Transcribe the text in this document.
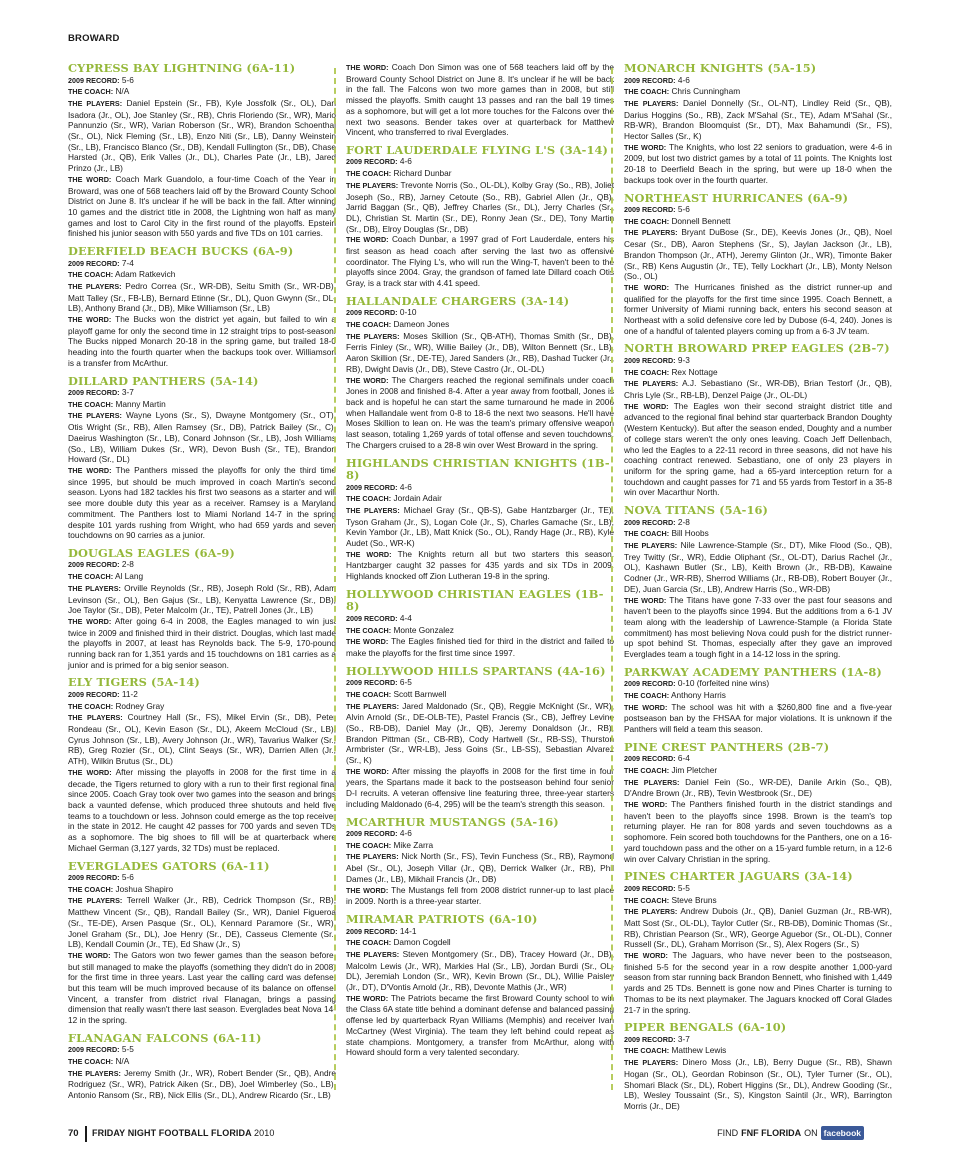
BROWARD
CYPRESS BAY LIGHTNING (6A-11)
2009 RECORD: 5-6
THE COACH: N/A
THE PLAYERS: Daniel Epstein (Sr., FB), Kyle Jossfolk (Sr., OL), Dan Isadora (Jr., OL), Joe Stanley (Sr., RB), Chris Floriendo (Sr., WR), Mario Pannunzio (Sr., WR), Varian Roberson (Sr., WR), Brandon Schoenthal (Sr., OL), Nick Fleming (Sr., LB), Enzo Niti (Sr., LB), Danny Weinstein (Sr., LB), Francisco Blanco (Sr., DB), Kendall Fullington (Sr., DB), Chase Harsted (Jr., QB), Erik Valles (Jr., DL), Charles Pate (Jr., LB), Jared Prinzo (Jr., LB)
THE WORD: Coach Mark Guandolo, a four-time Coach of the Year in Broward, was one of 568 teachers laid off by the Broward County School District on June 8. It's unclear if he will be back in the fall. After winning 10 games and the district title in 2008, the Lightning won half as many games and lost to Carol City in the first round of the playoffs. Epstein finished his junior season with 550 yards and five TDs on 101 carries.
DEERFIELD BEACH BUCKS (6A-9)
2009 RECORD: 7-4
THE COACH: Adam Ratkevich
THE PLAYERS: Pedro Correa (Sr., WR-DB), Seitu Smith (Sr., WR-DB), Matt Talley (Sr., FB-LB), Bernard Etinne (Sr., DL), Quon Gwynn (Sr., DL-LB), Anthony Brand (Jr., DB), Mike Williamson (Sr., LB)
THE WORD: The Bucks won the district yet again, but failed to win a playoff game for only the second time in 12 straight trips to post-season. The Bucks nipped Monarch 20-18 in the spring game, but trailed 18-0 heading into the fourth quarter when the backups took over. Williamson is a transfer from McArthur.
DILLARD PANTHERS (5A-14)
2009 RECORD: 3-7
THE COACH: Manny Martin
THE PLAYERS: Wayne Lyons (Sr., S), Dwayne Montgomery (Sr., OT), Otis Wright (Sr., RB), Allen Ramsey (Sr., DB), Patrick Bailey (Sr., C), Daeirus Washington (Sr., LB), Conard Johnson (Sr., LB), Josh Williams (So., LB), William Dukes (Sr., WR), Devon Bush (Sr., TE), Brandon Howard (Sr., DL)
THE WORD: The Panthers missed the playoffs for only the third time since 1995, but should be much improved in coach Martin's second season. Lyons had 182 tackles his first two seasons as a starter and will see more double duty this year as a receiver. Ramsey is a Maryland commitment. The Panthers lost to Miami Norland 14-7 in the spring despite 101 yards rushing from Wright, who had 659 yards and seven touchdowns on 90 carries as a junior.
DOUGLAS EAGLES (6A-9)
2009 RECORD: 2-8
THE COACH: Al Lang
THE PLAYERS: Orville Reynolds (Sr., RB), Joseph Rold (Sr., RB), Adam Levinson (Sr., OL), Ben Gajus (Sr., LB), Kenyatta Lawrence (Sr., DB), Joe Taylor (Sr., DB), Peter Malcolm (Jr., TE), Patrell Jones (Jr., LB)
THE WORD: After going 6-4 in 2008, the Eagles managed to win just twice in 2009 and finished third in their district. Douglas, which last made the playoffs in 2007, at least has Reynolds back. The 5-9, 170-pound running back ran for 1,351 yards and 15 touchdowns on 181 carries as a junior and is primed for a big senior season.
ELY TIGERS (5A-14)
2009 RECORD: 11-2
THE COACH: Rodney Gray
THE PLAYERS: Courtney Hall (Sr., FS), Mikel Ervin (Sr., DB), Peter Rondeau (Sr., OL), Kevin Eason (Sr., DL), Akeem McCloud (Sr., LB), Cyrus Johnson (Sr., LB), Avery Johnson (Jr., WR), Tavarius Walker (Sr., RB), Greg Rozier (Sr., OL), Clint Seays (Sr., WR), Darrien Allen (Jr., ATH), Wilkin Brutus (Sr., DL)
THE WORD: After missing the playoffs in 2008 for the first time in a decade, the Tigers returned to glory with a run to their first regional final since 2005. Coach Gray took over two games into the season and brings back a vaunted defense, which produced three shutouts and held five teams to a touchdown or less. Johnson could emerge as the top receiver in the state in 2012. He caught 42 passes for 700 yards and seven TDs as a sophomore. The big shoes to fill will be at quarterback where Michael German (3,127 yards, 32 TDs) must be replaced.
EVERGLADES GATORS (6A-11)
2009 RECORD: 5-6
THE COACH: Joshua Shapiro
THE PLAYERS: Terrell Walker (Jr., RB), Cedrick Thompson (Sr., RB), Matthew Vincent (Sr., QB), Randall Bailey (Sr., WR), Daniel Figueroa (Sr., TE-DE), Arsen Pasque (Sr., OL), Kennard Paramore (Sr., WR), Jonel Graham (Sr., DL), Joe Henry (Sr., DE), Casseus Clemente (Sr., LB), Kendall Coumin (Jr., TE), Ed Shaw (Jr., S)
THE WORD: The Gators won two fewer games than the season before, but still managed to make the playoffs (something they didn't do in 2008) for the first time in three years. Last year the calling card was defense, but this team will be much improved because of its balance on offense. Vincent, a transfer from district rival Flanagan, brings a passing dimension that really wasn't there last season. Everglades beat Nova 14-12 in the spring.
FLANAGAN FALCONS (6A-11)
2009 RECORD: 5-5
THE COACH: N/A
THE PLAYERS: Jeremy Smith (Jr., WR), Robert Bender (Sr., QB), Andre Rodriguez (Sr., WR), Patrick Aiken (Sr., DB), Joel Wimberley (So., LB), Antonio Ransom (Sr., RB), Nick Ellis (Sr., DL), Andrew Ricardo (Sr., LB)
THE WORD: Coach Don Simon was one of 568 teachers laid off by the Broward County School District on June 8. It's unclear if he will be back in the fall. The Falcons won two more games than in 2008, but still missed the playoffs. Smith caught 13 passes and ran the ball 19 times as a sophomore, but will get a lot more touches for the Falcons over the next two seasons. Bender takes over at quarterback for Matthew Vincent, who transferred to rival Everglades.
FORT LAUDERDALE FLYING L'S (3A-14)
2009 RECORD: 4-6
THE COACH: Richard Dunbar
THE PLAYERS: Trevonte Norris (So., OL-DL), Kolby Gray (So., RB), Joliet Joseph (So., RB), Jarney Cetoute (So., RB), Gabriel Allen (Jr., QB), Jarrid Baggan (Sr., QB), Jeffrey Charles (Sr., DL), Jerry Charles (Sr., DL), Christian St. Martin (Sr., DE), Ronny Jean (Sr., DE), Tony Martin (Sr., DB), Elroy Douglas (Sr., DB)
THE WORD: Coach Dunbar, a 1997 grad of Fort Lauderdale, enters his first season as head coach after serving the last two as offensive coordinator. The Flying L's, who will run the Wing-T, haven't been to the playoffs since 2004. Gray, the grandson of famed late Dillard coach Otis Gray, is a track star with 4.41 speed.
HALLANDALE CHARGERS (3A-14)
2009 RECORD: 0-10
THE COACH: Dameon Jones
THE PLAYERS: Moses Skillion (Sr., QB-ATH), Thomas Smith (Sr., DB), Ferris Finley (Sr., WR), Willie Bailey (Jr., DB), Wilton Bennett (Sr., LB), Aaron Skillion (Sr., DE-TE), Jared Sanders (Jr., RB), Dashad Tucker (Jr., RB), Dwight Davis (Jr., DB), Steve Castro (Jr., OL-DL)
THE WORD: The Chargers reached the regional semifinals under coach Jones in 2008 and finished 8-4. After a year away from football, Jones is back and is hopeful he can start the same turnaround he made in 2006 when Hallandale went from 0-8 to 18-6 the next two seasons. He'll have Moses Skillion to lean on. He was the team's primary offensive weapon last season, totaling 1,269 yards of total offense and seven touchdowns. The Chargers cruised to a 28-8 win over West Broward in the spring.
HIGHLANDS CHRISTIAN KNIGHTS (1B-8)
2009 RECORD: 4-6
THE COACH: Jordain Adair
THE PLAYERS: Michael Gray (Sr., QB-S), Gabe Hantzbarger (Jr., TE), Tyson Graham (Jr., S), Logan Cole (Jr., S), Charles Gamache (Sr., LB), Kevin Yambor (Jr., LB), Matt Knick (So., OL), Randy Hage (Jr., RB), Kyle Audet (So., WR-K)
THE WORD: The Knights return all but two starters this season. Hantzbarger caught 32 passes for 435 yards and six TDs in 2009. Highlands knocked off Zion Lutheran 19-8 in the spring.
HOLLYWOOD CHRISTIAN EAGLES (1B-8)
2009 RECORD: 4-4
THE COACH: Monte Gonzalez
THE WORD: The Eagles finished tied for third in the district and failed to make the playoffs for the first time since 1997.
HOLLYWOOD HILLS SPARTANS (4A-16)
2009 RECORD: 6-5
THE COACH: Scott Barnwell
THE PLAYERS: Jared Maldonado (Sr., QB), Reggie McKnight (Sr., WR), Alvin Arnold (Sr., DE-OLB-TE), Pastel Francis (Sr., CB), Jeffrey Levine (So., RB-DB), Daniel May (Jr., QB), Jeremy Donaldson (Jr., RB), Brandon Pittman (Sr., CB-RB), Cody Hartwell (Sr., RB-SS), Thurston Armbrister (Sr., WR-LB), Jess Goins (Sr., LB-SS), Sebastian Alvarez (Sr., K)
THE WORD: After missing the playoffs in 2008 for the first time in four years, the Spartans made it back to the postseason behind four senior D-I recruits. A veteran offensive line featuring three, three-year starters including Maldonado (6-4, 295) will be the team's strength this season.
MCARTHUR MUSTANGS (5A-16)
2009 RECORD: 4-6
THE COACH: Mike Zarra
THE PLAYERS: Nick North (Sr., FS), Tevin Funchess (Sr., RB), Raymond Abel (Sr., OL), Joseph Villar (Jr., QB), Derrick Walker (Jr., RB), Phil Dames (Jr., LB), Mikhail Francis (Jr., DB)
THE WORD: The Mustangs fell from 2008 district runner-up to last place in 2009. North is a three-year starter.
MIRAMAR PATRIOTS (6A-10)
2009 RECORD: 14-1
THE COACH: Damon Cogdell
THE PLAYERS: Steven Montgomery (Sr., DB), Tracey Howard (Jr., DB), Malcolm Lewis (Jr., WR), Markies Hal (Sr., LB), Jordan Burdi (Sr., OL-DL), Jeremiah London (Sr., WR), Kevin Brown (Sr., DL), Willie Paisley (Jr., DT), D'Vontis Arnold (Jr., RB), Devonte Mathis (Jr., WR)
THE WORD: The Patriots became the first Broward County school to win the Class 6A state title behind a dominant defense and balanced passing offense led by quarterback Ryan Williams (Memphis) and receiver Ivan McCartney (West Virginia). The team they left behind could repeat as state champions. Montgomery, a transfer from McArthur, along with Howard should form a very talented secondary.
MONARCH KNIGHTS (5A-15)
2009 RECORD: 4-6
THE COACH: Chris Cunningham
THE PLAYERS: Daniel Donnelly (Sr., OL-NT), Lindley Reid (Sr., QB), Darius Hoggins (So., RB), Zack M'Sahal (Sr., TE), Adam M'Sahal (Sr., RB-WR), Brandon Bloomquist (Sr., DT), Max Bahamundi (Sr., FS), Hector Salles (Sr., K)
THE WORD: The Knights, who lost 22 seniors to graduation, were 4-6 in 2009, but lost two district games by a total of 11 points. The Knights lost 20-18 to Deerfield Beach in the spring, but were up 18-0 when the backups took over in the fourth quarter.
NORTHEAST HURRICANES (6A-9)
2009 RECORD: 5-6
THE COACH: Donnell Bennett
THE PLAYERS: Bryant DuBose (Sr., DE), Keevis Jones (Jr., QB), Noel Cesar (Sr., DB), Aaron Stephens (Sr., S), Jaylan Jackson (Jr., LB), Brandon Thompson (Jr., ATH), Jeremy Glinton (Jr., WR), Timonte Baker (Sr., RB) Kens Augustin (Jr., TE), Telly Lockhart (Jr., LB), Monty Nelson (So., OL)
THE WORD: The Hurricanes finished as the district runner-up and qualified for the playoffs for the first time since 1995. Coach Bennett, a former University of Miami running back, enters his second season at Northeast with a solid defensive core led by Dubose (6-4, 240). Jones is one of a handful of talented players coming up from a 6-3 JV team.
NORTH BROWARD PREP EAGLES (2B-7)
2009 RECORD: 9-3
THE COACH: Rex Nottage
THE PLAYERS: A.J. Sebastiano (Sr., WR-DB), Brian Testorf (Jr., QB), Chris Lyle (Sr., RB-LB), Denzel Paige (Jr., OL-DL)
THE WORD: The Eagles won their second straight district title and advanced to the regional final behind star quarterback Brandon Doughty (Western Kentucky). But after the season ended, Doughty and a number of college stars weren't the only ones leaving. Coach Jeff Dellenbach, who led the Eagles to a 22-11 record in three seasons, did not have his coaching contract renewed. Sebastiano, one of only 23 players in uniform for the spring game, had a 65-yard interception return for a touchdown and caught passes for 71 and 55 yards from Testorf in a 35-8 win over Macarthur North.
NOVA TITANS (5A-16)
2009 RECORD: 2-8
THE COACH: Bill Hoobs
THE PLAYERS: Nile Lawrence-Stample (Sr., DT), Mike Flood (So., QB), Trey Twitty (Sr., WR), Eddie Oliphant (Sr., OL-DT), Darius Rachel (Jr., OL), Kashawn Butler (Sr., LB), Keith Brown (Jr., RB-DB), Kawaine Codner (Jr., WR-RB), Sherrod Williams (Jr., RB-DB), Robert Bouyer (Jr., DE), Juan Garcia (Sr., LB), Andrew Harris (So., WR-DB)
THE WORD: The Titans have gone 7-33 over the past four seasons and haven't been to the playoffs since 1994. But the additions from a 6-1 JV team along with the leadership of Lawrence-Stample (a Florida State commitment) has most believing Nova could push for the district runner-up spot behind St. Thomas, especially after they gave an improved Everglades team a tough fight in a 14-12 loss in the spring.
PARKWAY ACADEMY PANTHERS (1A-8)
2009 RECORD: 0-10 (forfeited nine wins)
THE COACH: Anthony Harris
THE WORD: The school was hit with a $260,800 fine and a five-year postseason ban by the FHSAA for major violations. It is unknown if the Panthers will field a team this season.
PINE CREST PANTHERS (2B-7)
2009 RECORD: 6-4
THE COACH: Jim Pletcher
THE PLAYERS: Daniel Fein (So., WR-DE), Danile Arkin (So., QB), D'Andre Brown (Jr., RB), Tevin Westbrook (Sr., DE)
THE WORD: The Panthers finished fourth in the district standings and haven't been to the playoffs since 1998. Brown is the team's top returning player. He ran for 808 yards and seven touchdowns as a sophomore. Fein scored both touchdowns for the Panthers, one on a 16-yard touchdown pass and the other on a 15-yard fumble return, in a 12-6 win over Calvary Christian in the spring.
PINES CHARTER JAGUARS (3A-14)
2009 RECORD: 5-5
THE COACH: Steve Bruns
THE PLAYERS: Andrew Dubois (Jr., QB), Daniel Guzman (Jr., RB-WR), Matt Sost (Sr., OL-DL), Taylor Cutler (Sr., RB-DB), Dominic Thomas (Sr., RB), Christian Pearson (Sr., WR), George Aguebor (Sr., OL-DL), Conner Russell (Sr., DL), Graham Morrison (Sr., S), Alex Rogers (Sr., S)
THE WORD: The Jaguars, who have never been to the postseason, finished 5-5 for the second year in a row despite another 1,000-yard season from star running back Brandon Bennett, who finished with 1,449 yards and 25 TDs. Bennett is gone now and Pines Charter is turning to Thomas to be its next playmaker. The Jaguars knocked off Coral Glades 21-7 in the spring.
PIPER BENGALS (6A-10)
2009 RECORD: 3-7
THE COACH: Matthew Lewis
THE PLAYERS: Dinero Moss (Jr., LB), Berry Dugue (Sr., RB), Shawn Hogan (Sr., OL), Geordan Robinson (Sr., OL), Tyler Turner (Sr., OL), Shomari Black (Sr., DL), Robert Higgins (Sr., DL), Andrew Gooding (Sr., LB), Wesley Toussaint (Sr., S), Kingston Saintil (Jr., WR), Barrington Morris (Jr., DE)
70 FRIDAY NIGHT FOOTBALL FLORIDA 2010	FIND FNF FLORIDA ON facebook
